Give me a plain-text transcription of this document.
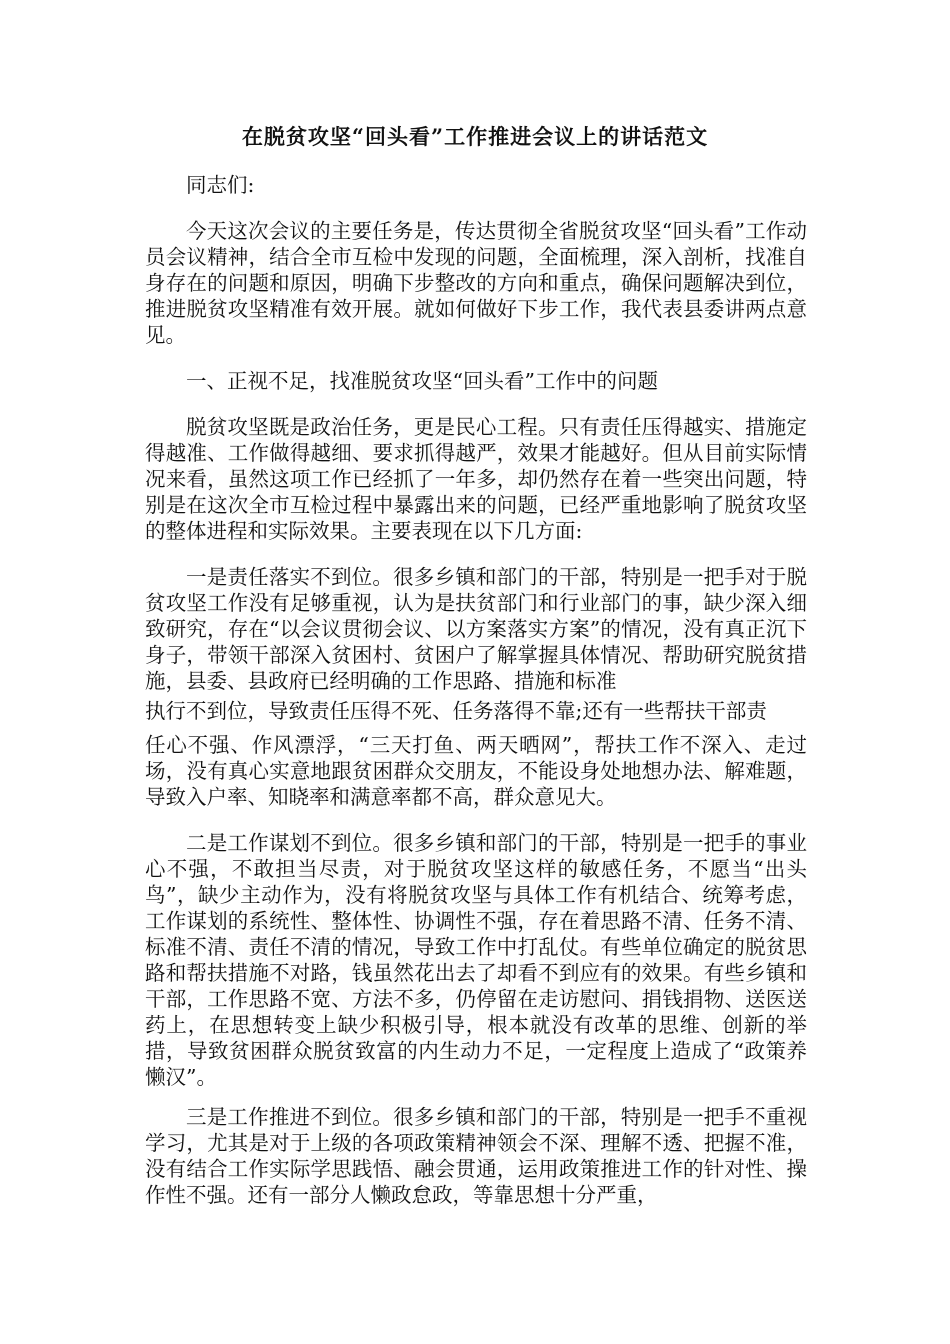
在脱贫攻坚“回头看”工作推进会议上的讲话范文

同志们:

今天这次会议的主要任务是，传达贯彻全省脱贫攻坚“回头看”工作动员会议精神，结合全市互检中发现的问题，全面梳理，深入剖析，找准自身存在的问题和原因，明确下步整改的方向和重点，确保问题解决到位，推进脱贫攻坚精准有效开展。就如何做好下步工作，我代表县委讲两点意见。

一、正视不足，找准脱贫攻坚“回头看”工作中的问题

脱贫攻坚既是政治任务，更是民心工程。只有责任压得越实、措施定得越准、工作做得越细、要求抓得越严，效果才能越好。但从目前实际情况来看，虽然这项工作已经抓了一年多，却仍然存在着一些突出问题，特别是在这次全市互检过程中暴露出来的问题，已经严重地影响了脱贫攻坚的整体进程和实际效果。主要表现在以下几方面:

一是责任落实不到位。很多乡镇和部门的干部，特别是一把手对于脱贫攻坚工作没有足够重视，认为是扶贫部门和行业部门的事，缺少深入细致研究，存在“以会议贯彻会议、以方案落实方案”的情况，没有真正沉下身子，带领干部深入贫困村、贫困户了解掌握具体情况、帮助研究脱贫措施，县委、县政府已经明确的工作思路、措施和标准

执行不到位，导致责任压得不死、任务落得不靠;还有一些帮扶干部责

任心不强、作风漂浮，“三天打鱼、两天晒网”，帮扶工作不深入、走过场，没有真心实意地跟贫困群众交朋友，不能设身处地想办法、解难题，导致入户率、知晓率和满意率都不高，群众意见大。

二是工作谋划不到位。很多乡镇和部门的干部，特别是一把手的事业心不强，不敢担当尽责，对于脱贫攻坚这样的敏感任务，不愿当“出头鸟”，缺少主动作为，没有将脱贫攻坚与具体工作有机结合、统筹考虑，工作谋划的系统性、整体性、协调性不强，存在着思路不清、任务不清、标准不清、责任不清的情况，导致工作中打乱仗。有些单位确定的脱贫思路和帮扶措施不对路，钱虽然花出去了却看不到应有的效果。有些乡镇和干部，工作思路不宽、方法不多，仍停留在走访慰问、捐钱捐物、送医送药上，在思想转变上缺少积极引导，根本就没有改革的思维、创新的举措，导致贫困群众脱贫致富的内生动力不足，一定程度上造成了“政策养懒汉”。

三是工作推进不到位。很多乡镇和部门的干部，特别是一把手不重视学习，尤其是对于上级的各项政策精神领会不深、理解不透、把握不准，没有结合工作实际学思践悟、融会贯通，运用政策推进工作的针对性、操作性不强。还有一部分人懒政怠政，等靠思想十分严重，
